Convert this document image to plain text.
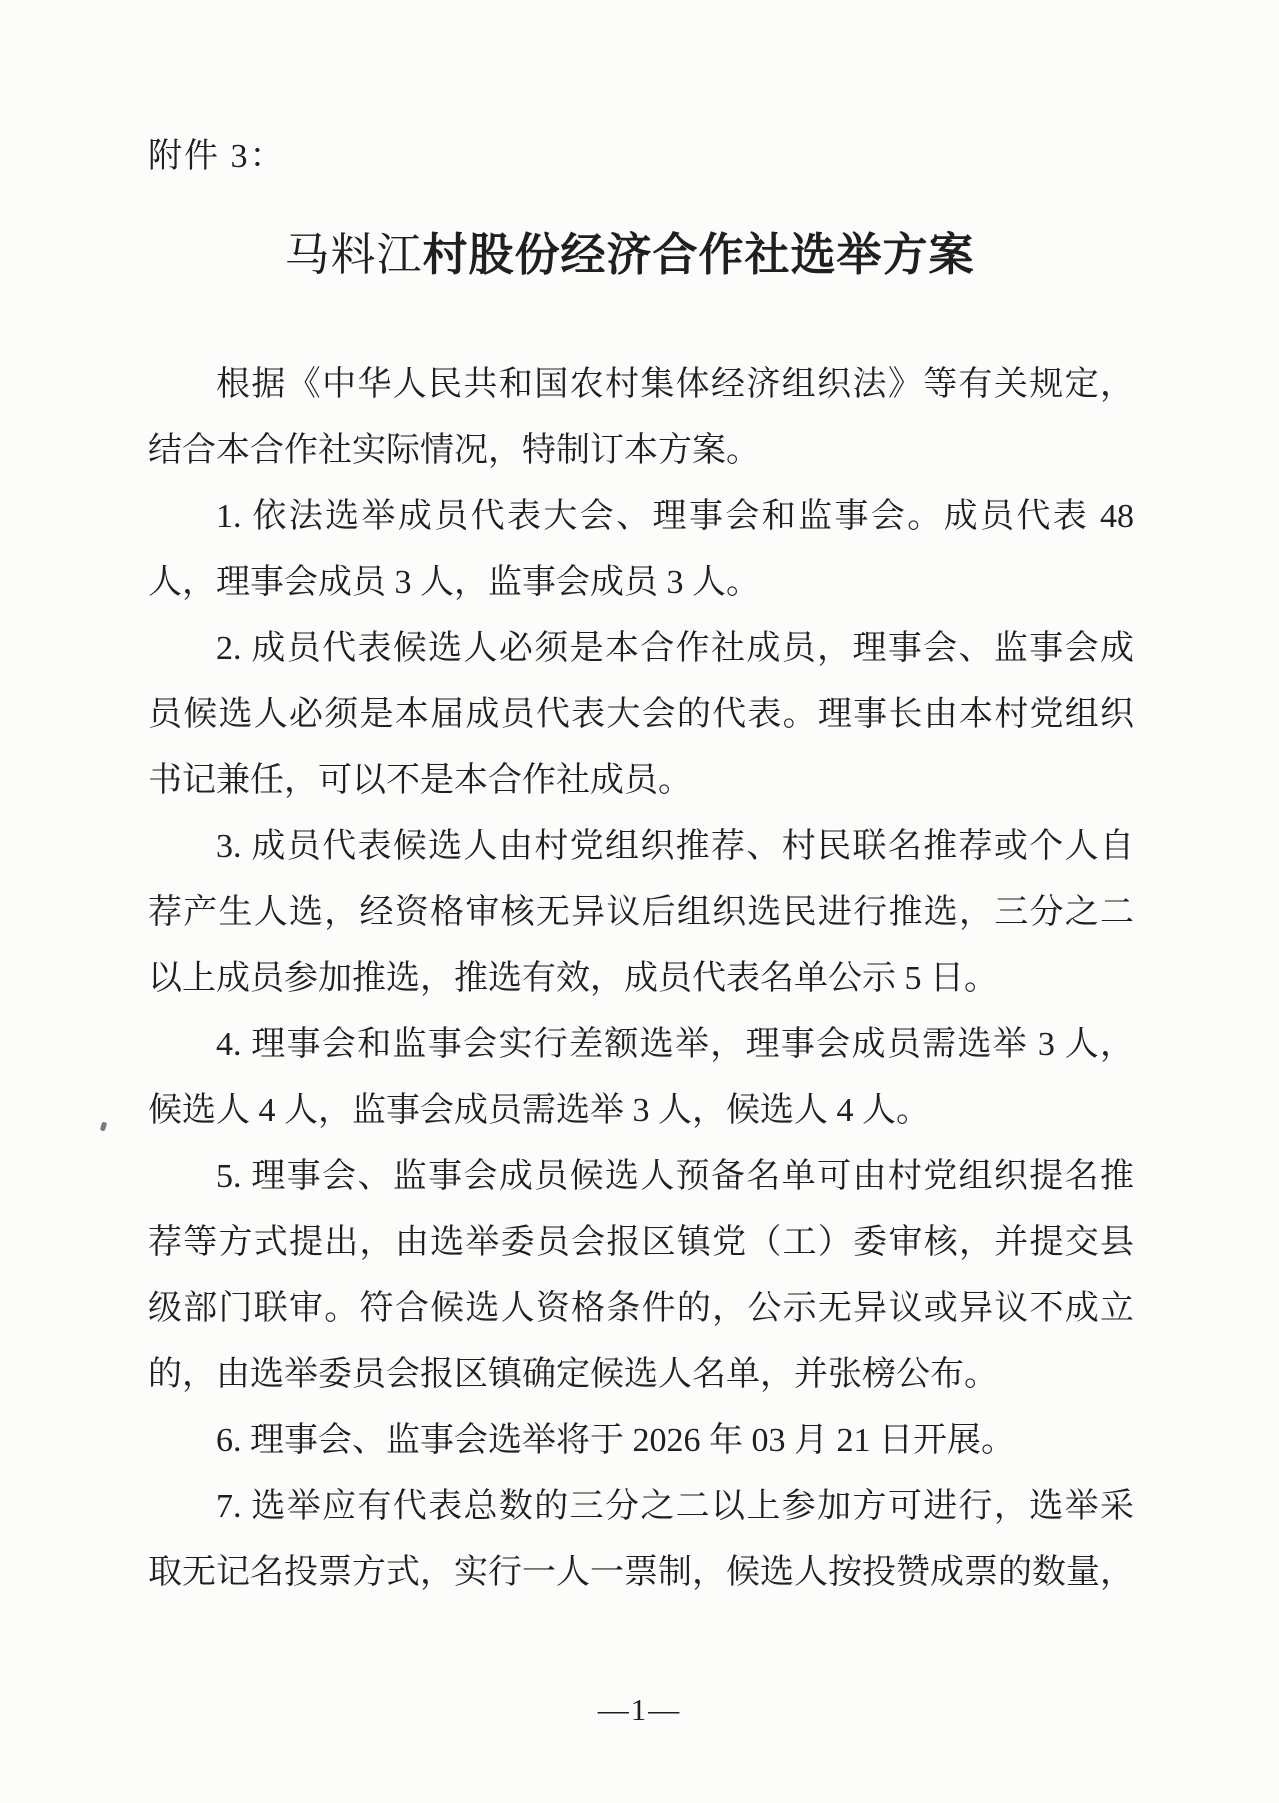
附件 3：
马料江村股份经济合作社选举方案
根据《中华人民共和国农村集体经济组织法》等有关规定，
结合本合作社实际情况，特制订本方案。
1. 依法选举成员代表大会、理事会和监事会。成员代表 48
人，理事会成员 3 人，监事会成员 3 人。
2. 成员代表候选人必须是本合作社成员，理事会、监事会成
员候选人必须是本届成员代表大会的代表。理事长由本村党组织
书记兼任，可以不是本合作社成员。
3. 成员代表候选人由村党组织推荐、村民联名推荐或个人自
荐产生人选，经资格审核无异议后组织选民进行推选，三分之二
以上成员参加推选，推选有效，成员代表名单公示 5 日。
4. 理事会和监事会实行差额选举，理事会成员需选举 3 人，
候选人 4 人，监事会成员需选举 3 人，候选人 4 人。
5. 理事会、监事会成员候选人预备名单可由村党组织提名推
荐等方式提出，由选举委员会报区镇党（工）委审核，并提交县
级部门联审。符合候选人资格条件的，公示无异议或异议不成立
的，由选举委员会报区镇确定候选人名单，并张榜公布。
6. 理事会、监事会选举将于 2026 年 03 月 21 日开展。
7. 选举应有代表总数的三分之二以上参加方可进行，选举采
取无记名投票方式，实行一人一票制，候选人按投赞成票的数量，
—1—
